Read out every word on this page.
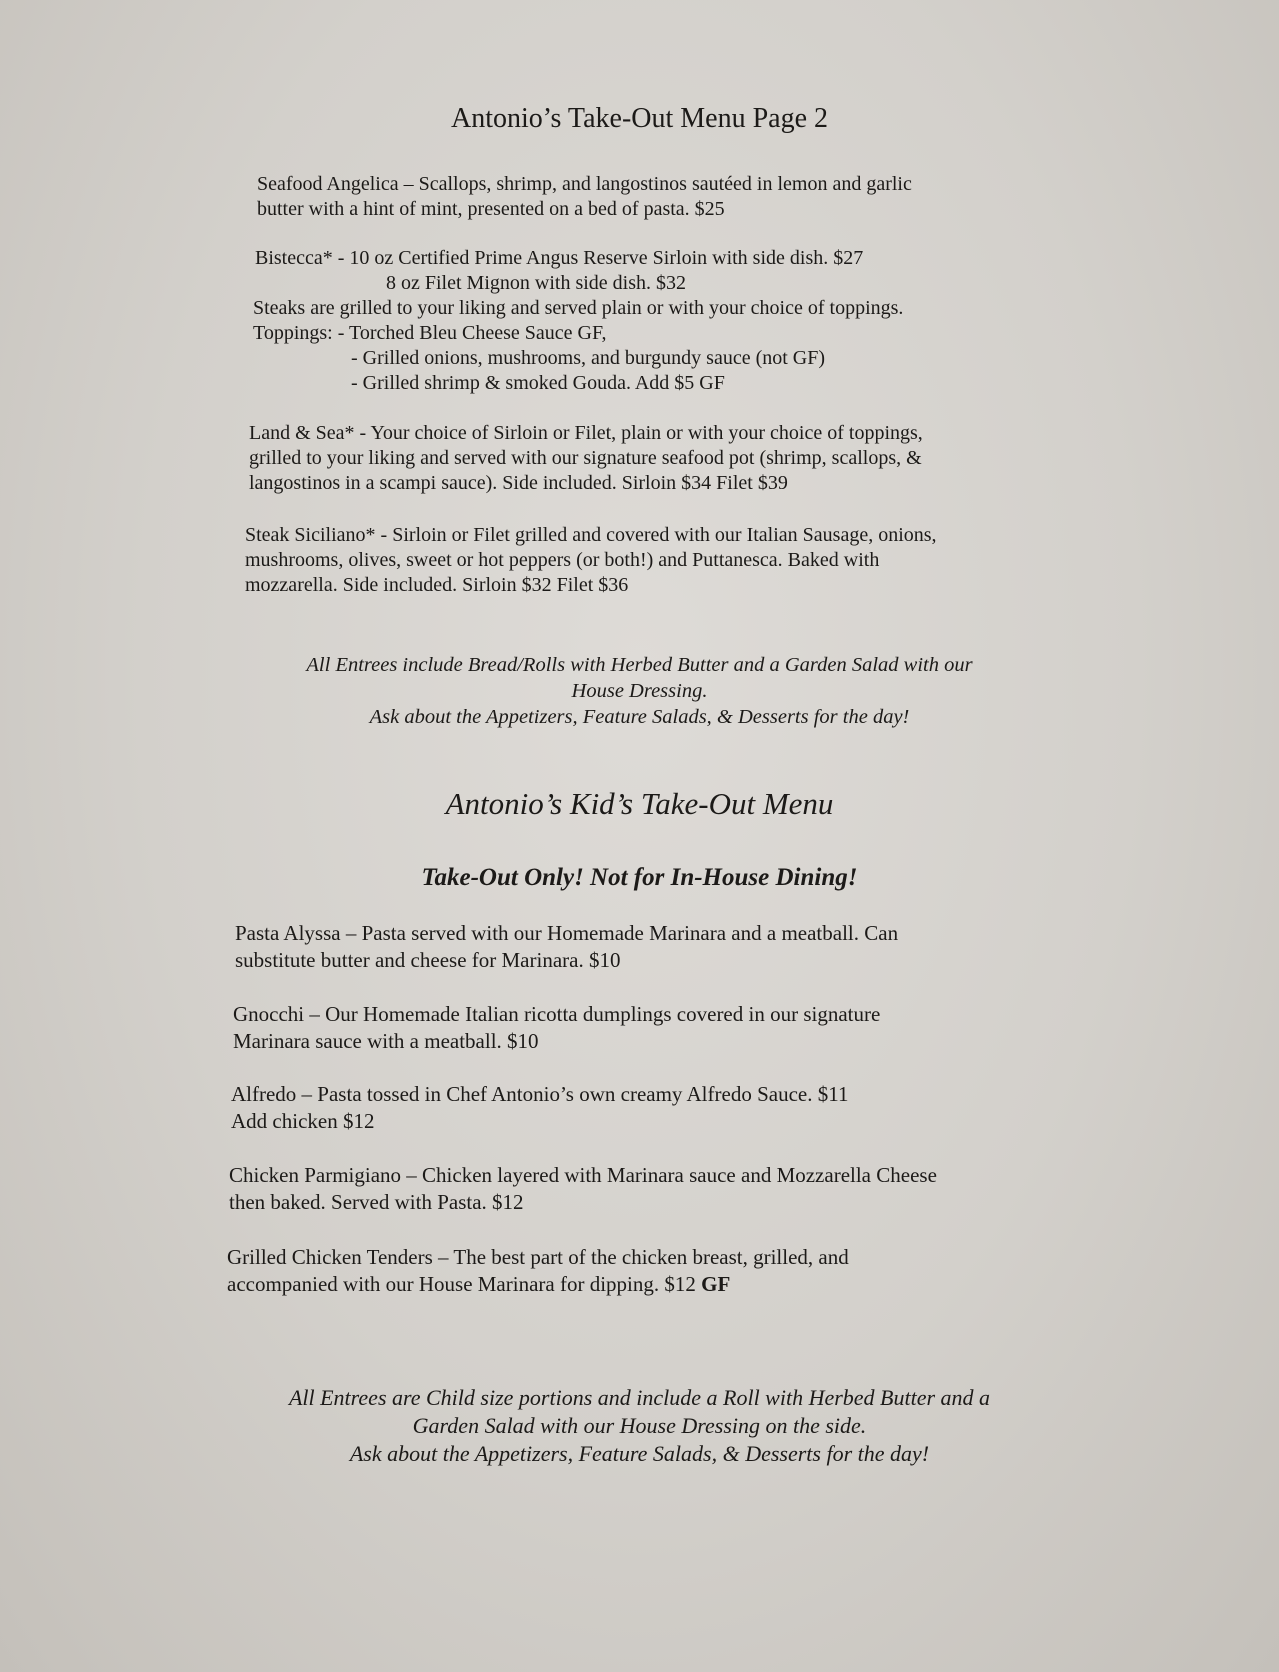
Antonio’s Take-Out Menu Page 2
Seafood Angelica – Scallops, shrimp, and langostinos sautéed in lemon and garlic
butter with a hint of mint, presented on a bed of pasta. $25
Bistecca* - 10 oz Certified Prime Angus Reserve Sirloin with side dish. $27
8 oz Filet Mignon with side dish. $32
Steaks are grilled to your liking and served plain or with your choice of toppings.
Toppings: - Torched Bleu Cheese Sauce GF,
- Grilled onions, mushrooms, and burgundy sauce (not GF)
- Grilled shrimp & smoked Gouda. Add $5 GF
Land & Sea* - Your choice of Sirloin or Filet, plain or with your choice of toppings,
grilled to your liking and served with our signature seafood pot (shrimp, scallops, &
langostinos in a scampi sauce). Side included. Sirloin $34 Filet $39
Steak Siciliano* - Sirloin or Filet grilled and covered with our Italian Sausage, onions,
mushrooms, olives, sweet or hot peppers (or both!) and Puttanesca. Baked with
mozzarella. Side included. Sirloin $32 Filet $36
All Entrees include Bread/Rolls with Herbed Butter and a Garden Salad with our
House Dressing.
Ask about the Appetizers, Feature Salads, & Desserts for the day!
Antonio’s Kid’s Take-Out Menu
Take-Out Only! Not for In-House Dining!
Pasta Alyssa – Pasta served with our Homemade Marinara and a meatball. Can
substitute butter and cheese for Marinara. $10
Gnocchi – Our Homemade Italian ricotta dumplings covered in our signature
Marinara sauce with a meatball. $10
Alfredo – Pasta tossed in Chef Antonio’s own creamy Alfredo Sauce. $11
Add chicken $12
Chicken Parmigiano – Chicken layered with Marinara sauce and Mozzarella Cheese
then baked. Served with Pasta. $12
Grilled Chicken Tenders – The best part of the chicken breast, grilled, and
accompanied with our House Marinara for dipping. $12 GF
All Entrees are Child size portions and include a Roll with Herbed Butter and a
Garden Salad with our House Dressing on the side.
Ask about the Appetizers, Feature Salads, & Desserts for the day!
